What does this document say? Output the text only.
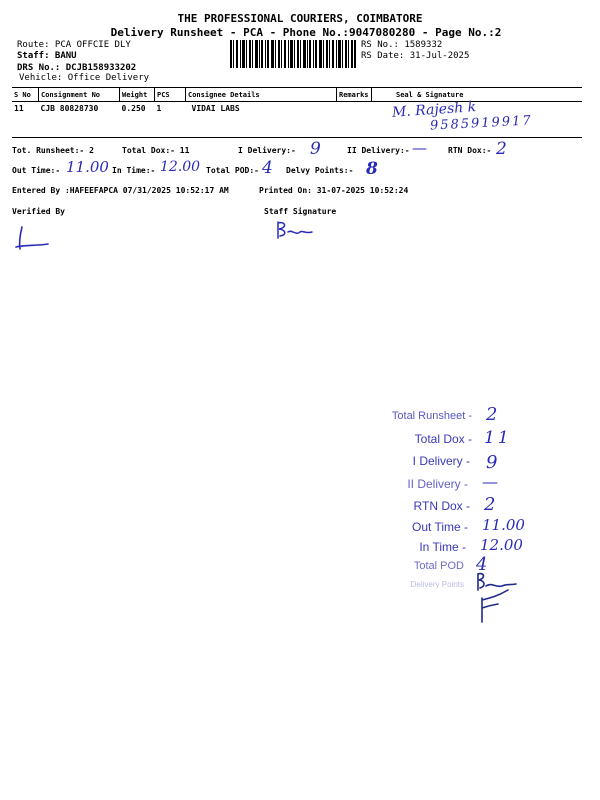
THE PROFESSIONAL COURIERS, COIMBATORE
Delivery Runsheet - PCA - Phone No.:9047080280 - Page No.:2
Route: PCA OFFCIE DLY
Staff: BANU
DRS No.: DCJB158933202
Vehicle: Office Delivery
RS No.: 1589332
RS Date: 31-Jul-2025
S No	Consignment No	Weight	PCS	Consignee Details	Remarks	Seal & Signature
11	CJB 80828730	0.250	1	VIDAI LABS			M. Rajesh k
9585919917
Tot. Runsheet:- 2	Total Dox:- 11	I Delivery:- 9	II Delivery:- —	RTN Dox:- 2
Out Time:- 11.00 In Time:- 12.00 Total POD:- 4 Delvy Points:- 8
Entered By :HAFEEFAPCA 07/31/2025 10:52:17 AM	Printed On: 31-07-2025 10:52:24
Verified By	Staff Signature
Total Runsheet - 2
Total Dox - 11
I Delivery - 9
II Delivery - —
RTN Dox - 2
Out Time - 11.00
In Time - 12.00
Total POD 4
Delivery Points
